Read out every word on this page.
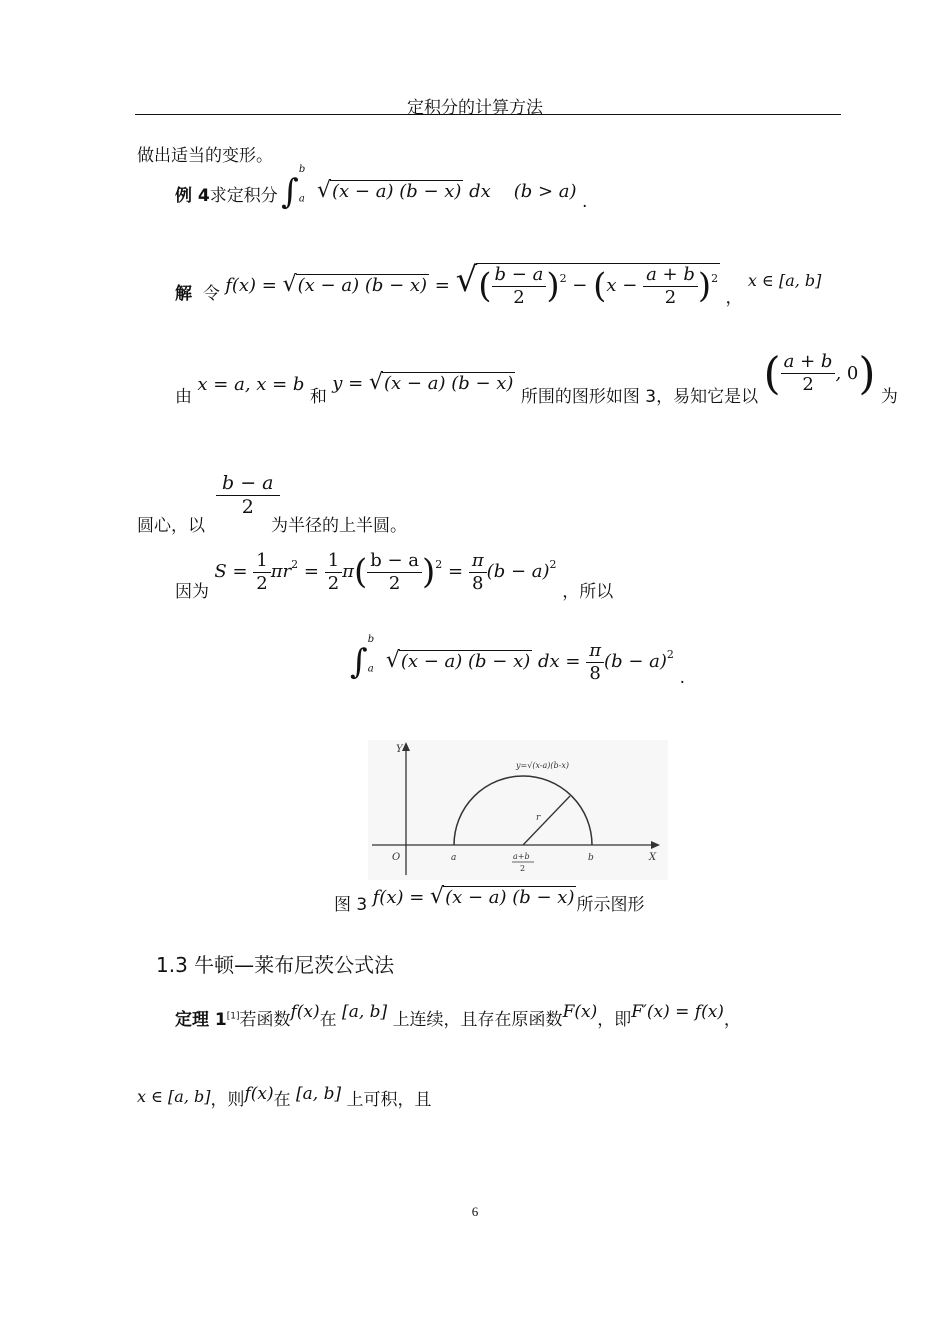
定积分的计算方法
做出适当的变形。
例 4求定积分 $\int_a^b$ √(x − a) (b − x) dx    (b > a) .
解 令 f(x) = √(x − a) (b − x) = √( $\frac{b - a}{2} )^2 - (x - \frac{a + b}{2} )^2$ ， x ∈ [a, b]
由 x = a, x = b 和 y = √(x − a) (b − x) 所围的图形如图 3，易知它是以 ( $\frac{a + b}{2}$ , 0) 为
$\frac{b - a}{2}$
圆心，以	为半径的上半圆。
因为 $S = \frac{1}{2} \pi r^2 = \frac{1}{2} \pi( \frac{b - a}{2} )^2 = \frac{\pi}{8} (b - a)^2$ ，所以
$\int_a^b$ √(x − a) (b − x) dx = $\frac{\pi}{8} (b - a)^2$ .
Y
X
O	a	b
a+b
2
r
y=√(x-a)(b-x)
图 3 f(x) = √(x − a) (b − x) 所示图形
1.3 牛顿—莱布尼茨公式法
定理 1[1]若函数f(x)在 [a, b] 上连续，且存在原函数F(x)，即F′(x) = f(x)，
x ∈ [a, b]，则f(x)在 [a, b] 上可积，且
6
